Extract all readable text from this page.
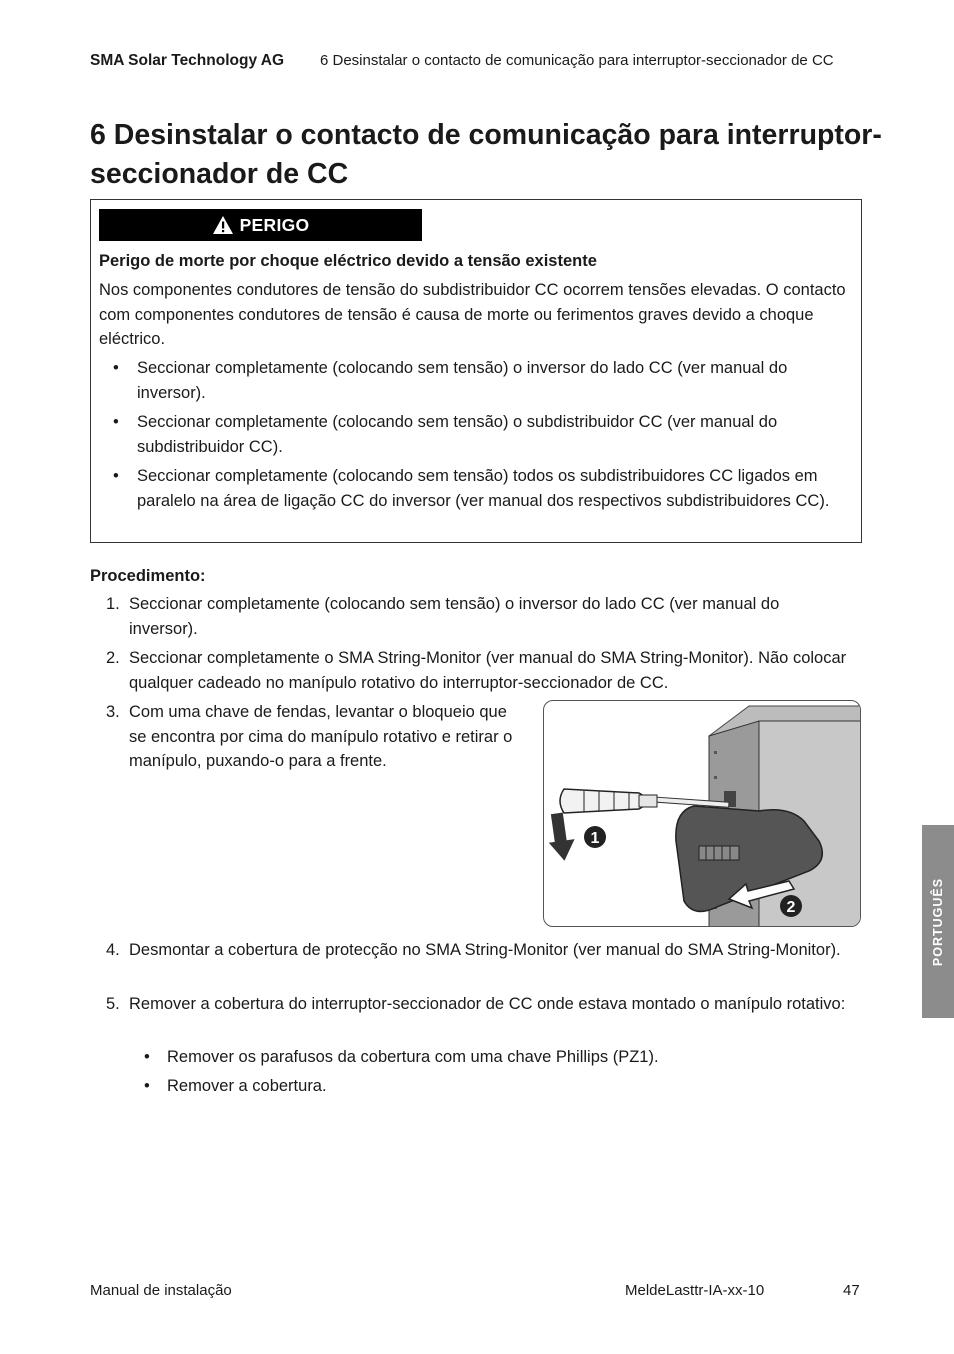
SMA Solar Technology AG 6 Desinstalar o contacto de comunicação para interruptor-seccionador de CC
6 Desinstalar o contacto de comunicação para interruptor-seccionador de CC
PERIGO
Perigo de morte por choque eléctrico devido a tensão existente
Nos componentes condutores de tensão do subdistribuidor CC ocorrem tensões elevadas. O contacto com componentes condutores de tensão é causa de morte ou ferimentos graves devido a choque eléctrico.
• Seccionar completamente (colocando sem tensão) o inversor do lado CC (ver manual do inversor).
• Seccionar completamente (colocando sem tensão) o subdistribuidor CC (ver manual do subdistribuidor CC).
• Seccionar completamente (colocando sem tensão) todos os subdistribuidores CC ligados em paralelo na área de ligação CC do inversor (ver manual dos respectivos subdistribuidores CC).
Procedimento:
1. Seccionar completamente (colocando sem tensão) o inversor do lado CC (ver manual do inversor).
2. Seccionar completamente o SMA String-Monitor (ver manual do SMA String-Monitor). Não colocar qualquer cadeado no manípulo rotativo do interruptor-seccionador de CC.
3. Com uma chave de fendas, levantar o bloqueio que se encontra por cima do manípulo rotativo e retirar o manípulo, puxando-o para a frente.
1
2
4. Desmontar a cobertura de protecção no SMA String-Monitor (ver manual do SMA String-Monitor).
5. Remover a cobertura do interruptor-seccionador de CC onde estava montado o manípulo rotativo:
• Remover os parafusos da cobertura com uma chave Phillips (PZ1).
• Remover a cobertura.
PORTUGUÊS
Manual de instalação	MeldeLasttr-IA-xx-10	47
